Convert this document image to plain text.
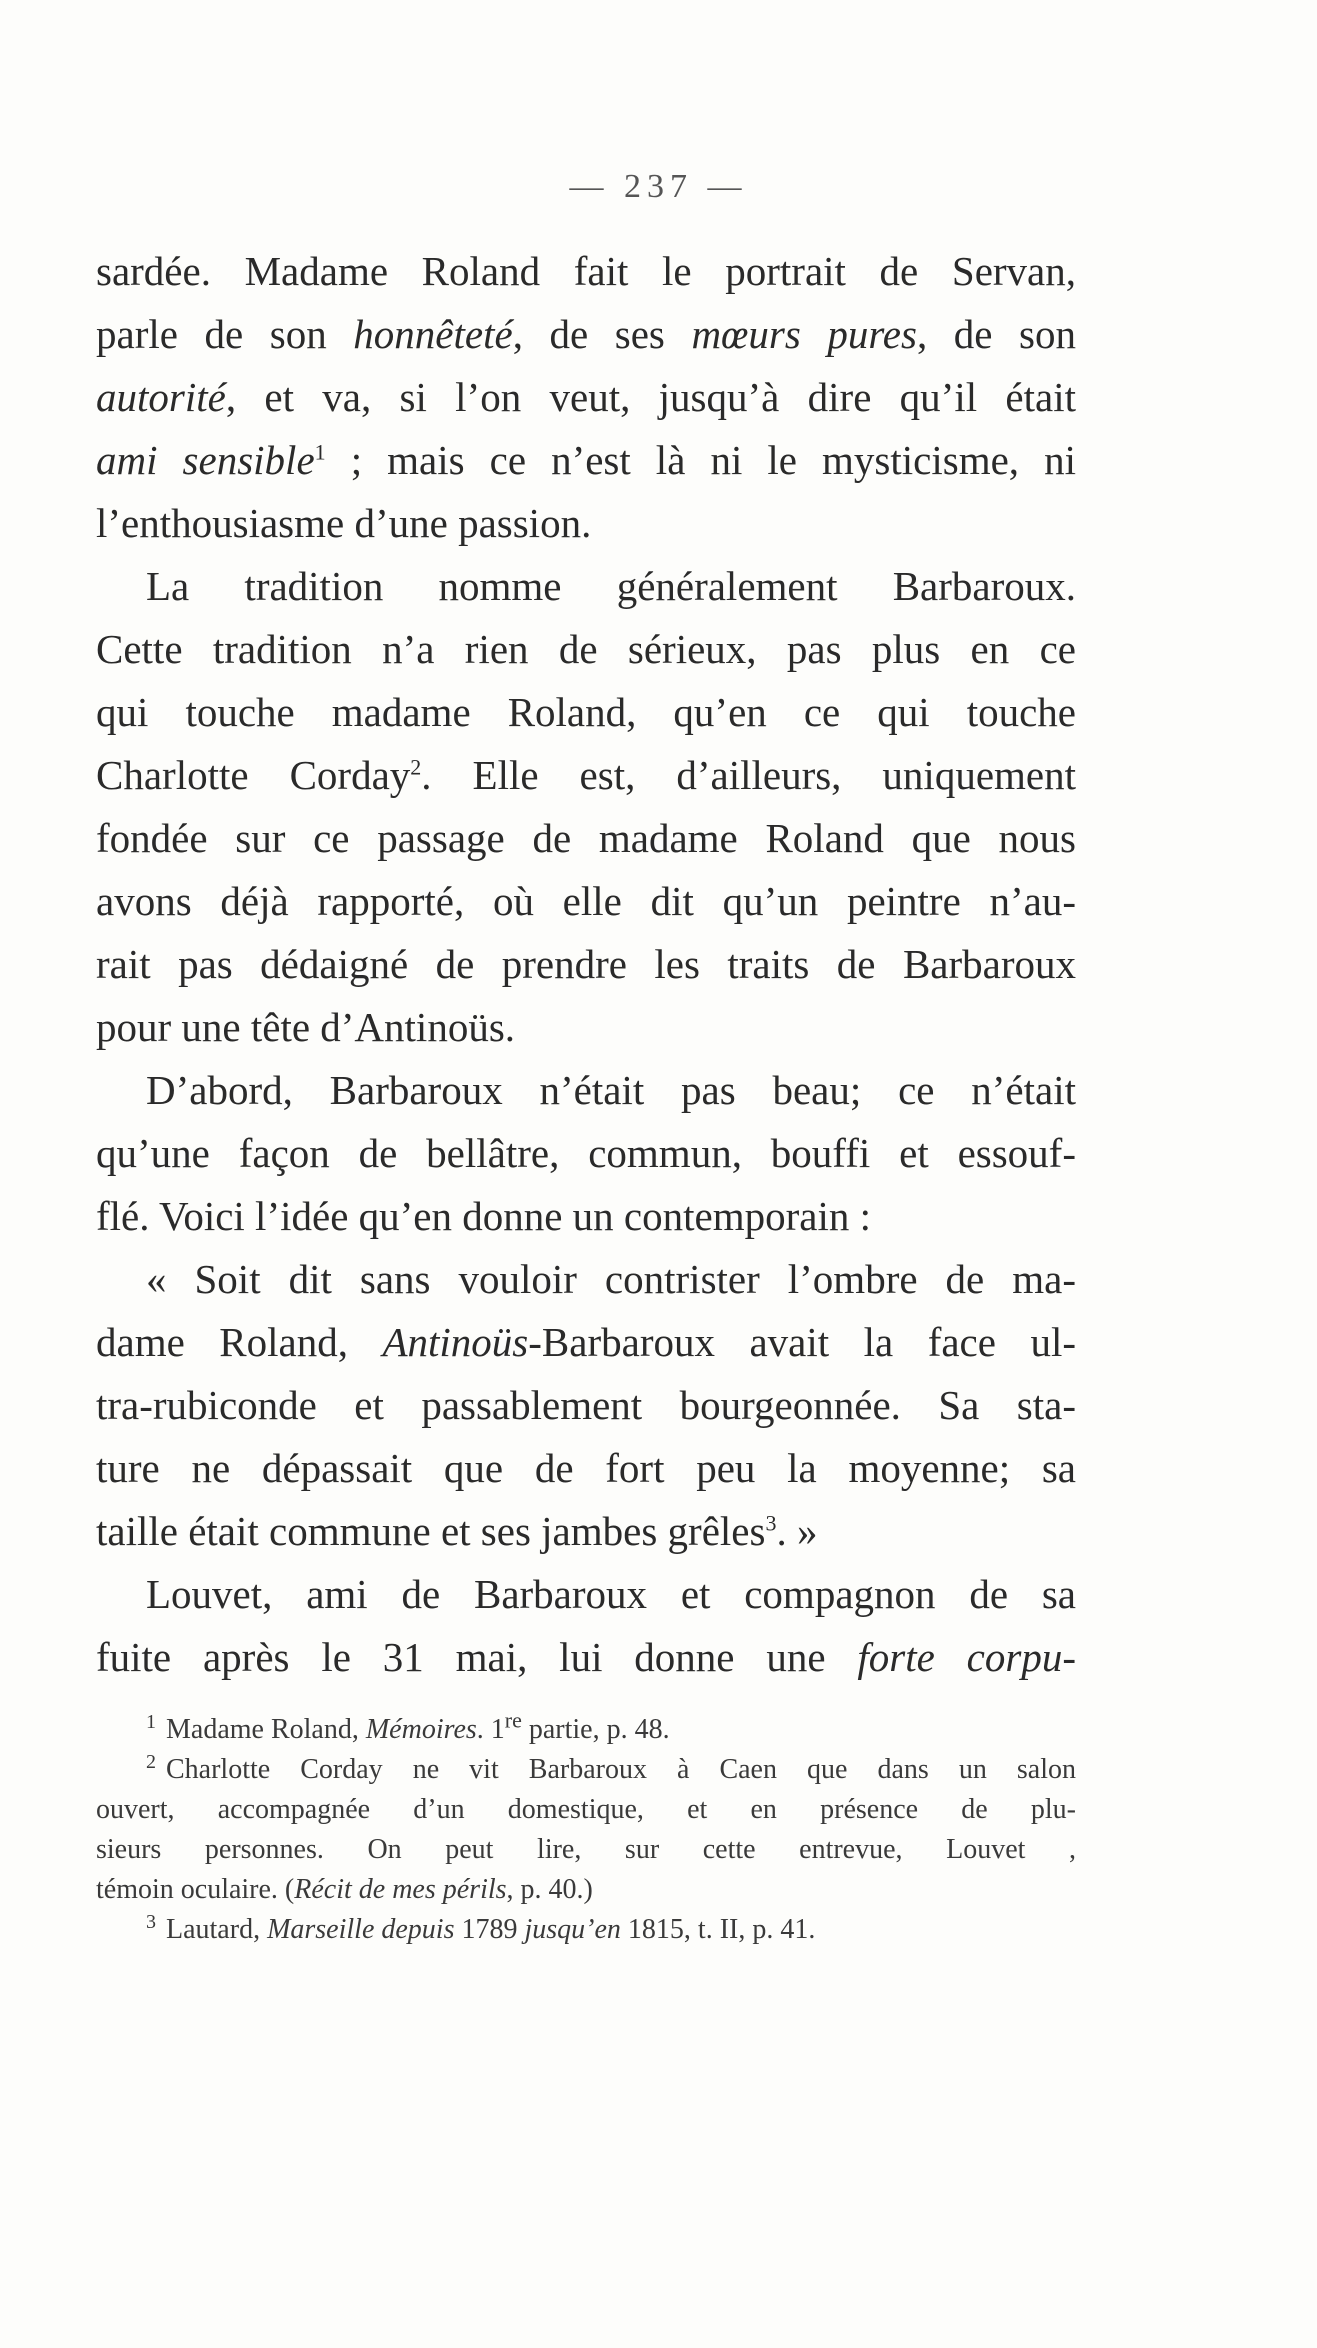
— 237 —
sardée. Madame Roland fait le portrait de Servan,
parle de son honnêteté, de ses mœurs pures, de son
autorité, et va, si l’on veut, jusqu’à dire qu’il était
ami sensible$^1$ ; mais ce n’est là ni le mysticisme, ni
l’enthousiasme d’une passion.
La tradition nomme généralement Barbaroux.
Cette tradition n’a rien de sérieux, pas plus en ce
qui touche madame Roland, qu’en ce qui touche
Charlotte Corday$^2$. Elle est, d’ailleurs, uniquement
fondée sur ce passage de madame Roland que nous
avons déjà rapporté, où elle dit qu’un peintre n’au-
rait pas dédaigné de prendre les traits de Barbaroux
pour une tête d’Antinoüs.
D’abord, Barbaroux n’était pas beau; ce n’était
qu’une façon de bellâtre, commun, bouffi et essouf-
flé. Voici l’idée qu’en donne un contemporain :
« Soit dit sans vouloir contrister l’ombre de ma-
dame Roland, Antinoüs-Barbaroux avait la face ul-
tra-rubiconde et passablement bourgeonnée. Sa sta-
ture ne dépassait que de fort peu la moyenne; sa
taille était commune et ses jambes grêles$^3$. »
Louvet, ami de Barbaroux et compagnon de sa
fuite après le 31 mai, lui donne une forte corpu-
$^1$ Madame Roland, Mémoires. 1re partie, p. 48.
$^2$ Charlotte Corday ne vit Barbaroux à Caen que dans un salon
ouvert, accompagnée d’un domestique, et en présence de plu-
sieurs personnes. On peut lire, sur cette entrevue, Louvet ,
témoin oculaire. (Récit de mes périls, p. 40.)
$^3$ Lautard, Marseille depuis 1789 jusqu’en 1815, t. II, p. 41.
